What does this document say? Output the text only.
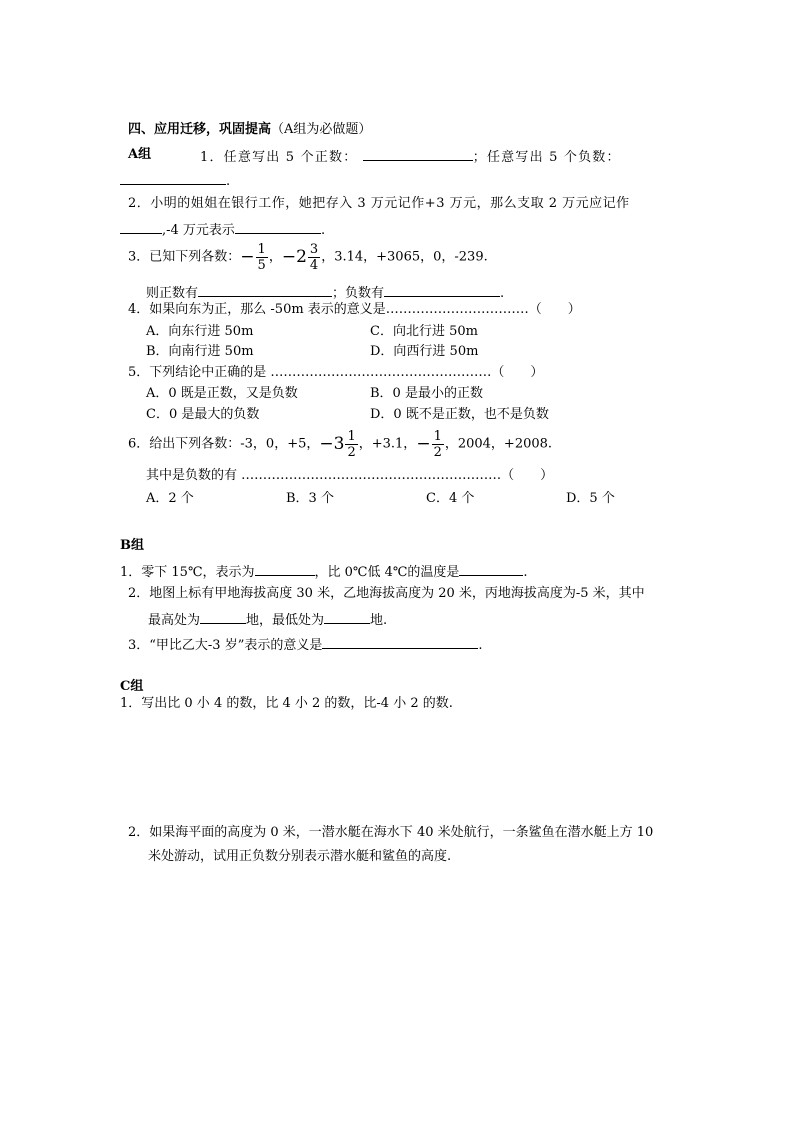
四、应用迁移，巩固提高（A组为必做题）
A组	1．任意写出 5 个正数：	；任意写出 5 个负数：
.
2．小明的姐姐在银行工作，她把存入 3 万元记作+3 万元，那么支取 2 万元应记作
,-4 万元表示	.
3．已知下列各数：− $\frac{1}{5}$ ，$-2 \frac{3}{4}$ ，3.14，+3065，0，-239.
则正数有	；负数有	.
4．如果向东为正，那么 -50m 表示的意义是……………………………（　　）
A．向东行进 50m	C．向北行进 50m
B．向南行进 50m	D．向西行进 50m
5．下列结论中正确的是 ……………………………………………（　　）
A．0 既是正数，又是负数	B．0 是最小的正数
C．0 是最大的负数	D．0 既不是正数，也不是负数
6．给出下列各数：-3，0，+5，$-3 \frac{1}{2}$ ，+3.1，− $\frac{1}{2}$ ，2004，+2008.
其中是负数的有 ……………………………………………………（　　）
A．2 个	B．3 个	C．4 个	D．5 个
B组
1．零下 15℃，表示为	，比 0℃低 4℃的温度是	.
2．地图上标有甲地海拔高度 30 米，乙地海拔高度为 20 米，丙地海拔高度为-5 米，其中
最高处为	地，最低处为	地.
3．“甲比乙大-3 岁”表示的意义是	.
C组
1．写出比 0 小 4 的数，比 4 小 2 的数，比-4 小 2 的数.
2．如果海平面的高度为 0 米，一潜水艇在海水下 40 米处航行，一条鲨鱼在潜水艇上方 10
米处游动，试用正负数分别表示潜水艇和鲨鱼的高度.
